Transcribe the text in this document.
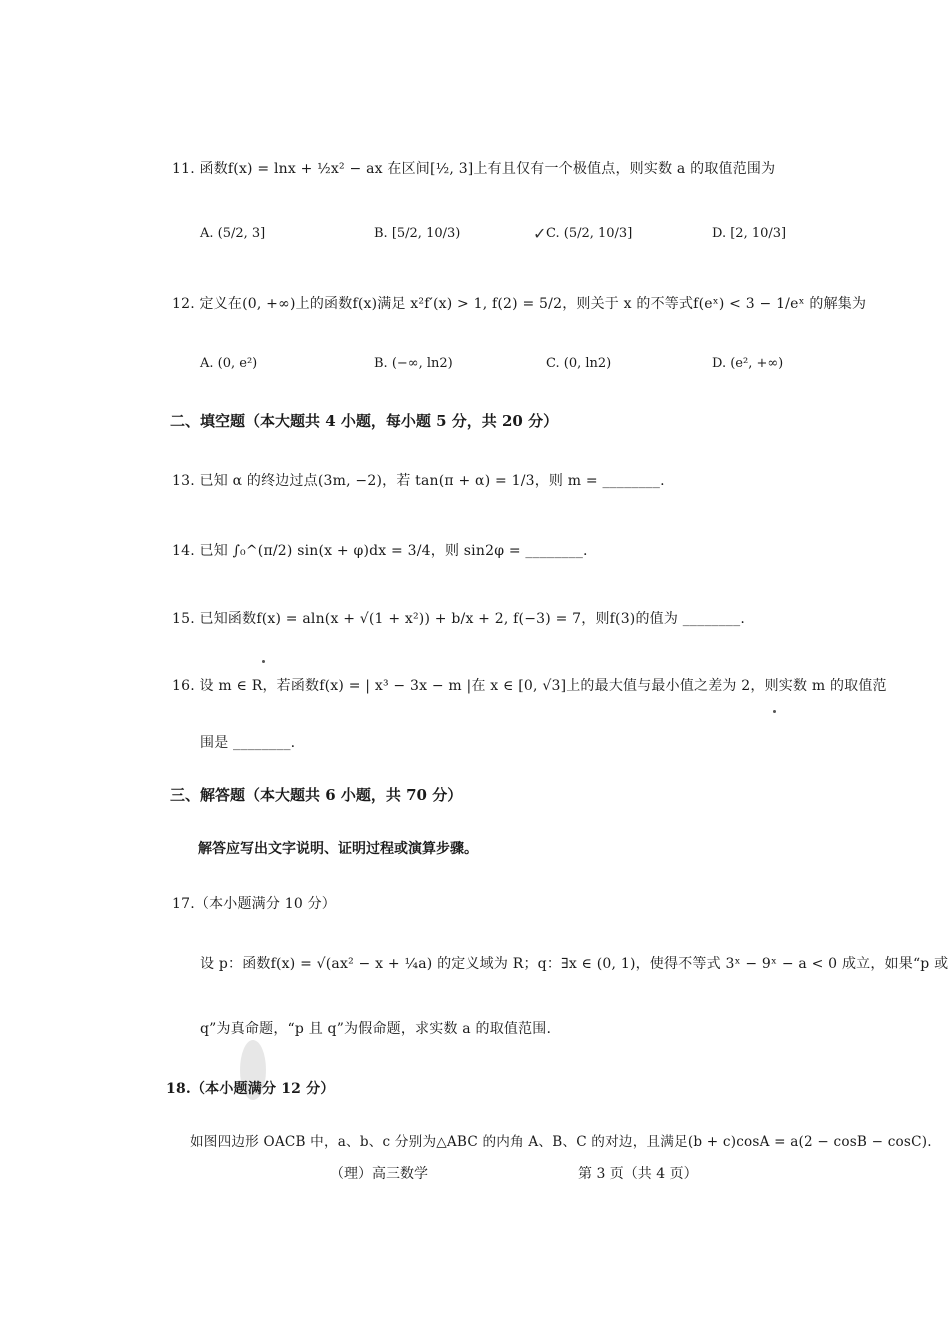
11. 函数f(x) = lnx + ½x² − ax 在区间[½, 3]上有且仅有一个极值点，则实数 a 的取值范围为
A. (5/2, 3]	B. [5/2, 10/3)	C. (5/2, 10/3]
✓	D. [2, 10/3]
12. 定义在(0, +∞)上的函数f(x)满足 x²f′(x) > 1, f(2) = 5/2，则关于 x 的不等式f(eˣ) < 3 − 1/eˣ 的解集为
A. (0, e²)	B. (−∞, ln2)	C. (0, ln2)	D. (e², +∞)
二、填空题（本大题共 4 小题，每小题 5 分，共 20 分）
13. 已知 α 的终边过点(3m, −2)，若 tan(π + α) = 1/3，则 m = ________.
14. 已知 ∫₀^(π/2) sin(x + φ)dx = 3/4，则 sin2φ = ________.
15. 已知函数f(x) = aln(x + √(1 + x²)) + b/x + 2, f(−3) = 7，则f(3)的值为 ________.
16. 设 m ∈ R，若函数f(x) = | x³ − 3x − m |在 x ∈ [0, √3]上的最大值与最小值之差为 2，则实数 m 的取值范
围是 ________.
三、解答题（本大题共 6 小题，共 70 分）
解答应写出文字说明、证明过程或演算步骤。
17.（本小题满分 10 分）
设 p：函数f(x) = √(ax² − x + ¼a) 的定义域为 R；q：∃x ∈ (0, 1)，使得不等式 3ˣ − 9ˣ − a < 0 成立，如果“p 或
q”为真命题，“p 且 q”为假命题，求实数 a 的取值范围.
18.（本小题满分 12 分）
如图四边形 OACB 中，a、b、c 分别为△ABC 的内角 A、B、C 的对边，且满足(b + c)cosA = a(2 − cosB − cosC).
（理）高三数学	第 3 页（共 4 页）
